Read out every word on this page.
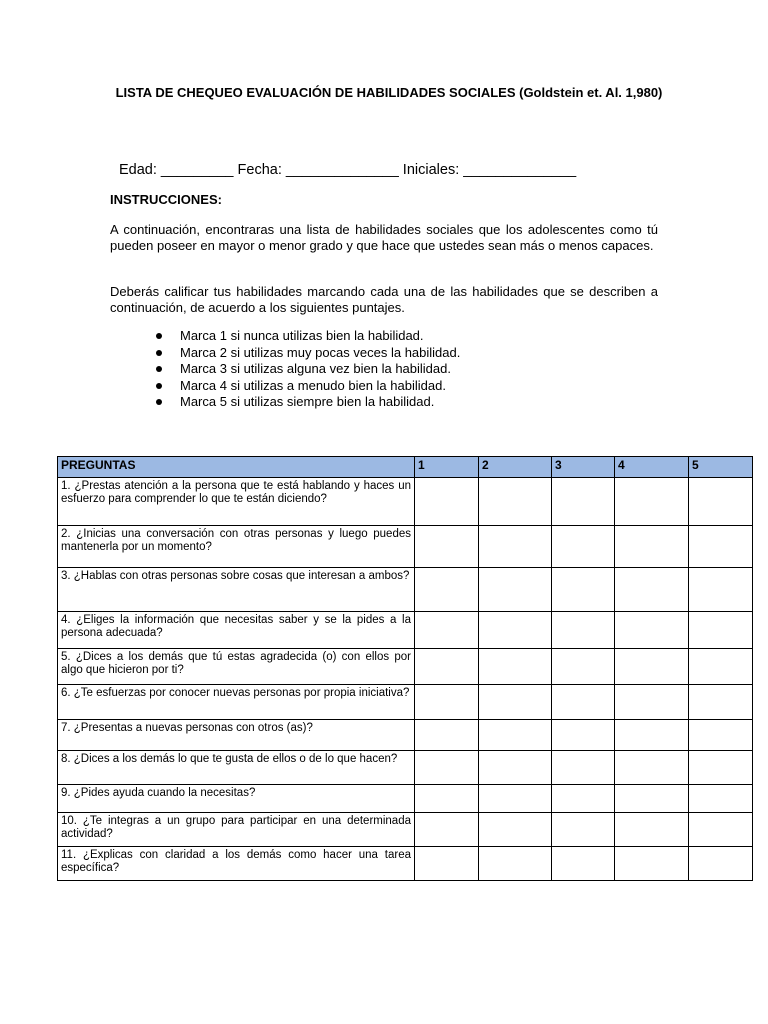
LISTA DE CHEQUEO EVALUACIÓN DE HABILIDADES SOCIALES (Goldstein et. Al. 1,980)
Edad: _________ Fecha: ______________ Iniciales: ______________
INSTRUCCIONES:
A continuación, encontraras una lista de habilidades sociales que los adolescentes como tú pueden poseer en mayor o menor grado y que hace que ustedes sean más o menos capaces.
Deberás calificar tus habilidades marcando cada una de las habilidades que se describen a continuación, de acuerdo a los siguientes puntajes.
Marca 1 si nunca utilizas bien la habilidad.
Marca 2 si utilizas muy pocas veces la habilidad.
Marca 3 si utilizas alguna vez bien la habilidad.
Marca 4 si utilizas a menudo bien la habilidad.
Marca 5 si utilizas siempre bien la habilidad.
PREGUNTAS	1	2	3	4	5
1. ¿Prestas atención a la persona que te está hablando y haces un esfuerzo para comprender lo que te están diciendo?					
2. ¿Inicias una conversación con otras personas y luego puedes mantenerla por un momento?					
3. ¿Hablas con otras personas sobre cosas que interesan a ambos?					
4. ¿Eliges la información que necesitas saber y se la pides a la persona adecuada?					
5. ¿Dices a los demás que tú estas agradecida (o) con ellos por algo que hicieron por ti?					
6. ¿Te esfuerzas por conocer nuevas personas por propia iniciativa?					
7. ¿Presentas a nuevas personas con otros (as)?					
8. ¿Dices a los demás lo que te gusta de ellos o de lo que hacen?					
9. ¿Pides ayuda cuando la necesitas?					
10. ¿Te integras a un grupo para participar en una determinada actividad?					
11. ¿Explicas con claridad a los demás como hacer una tarea específica?					
